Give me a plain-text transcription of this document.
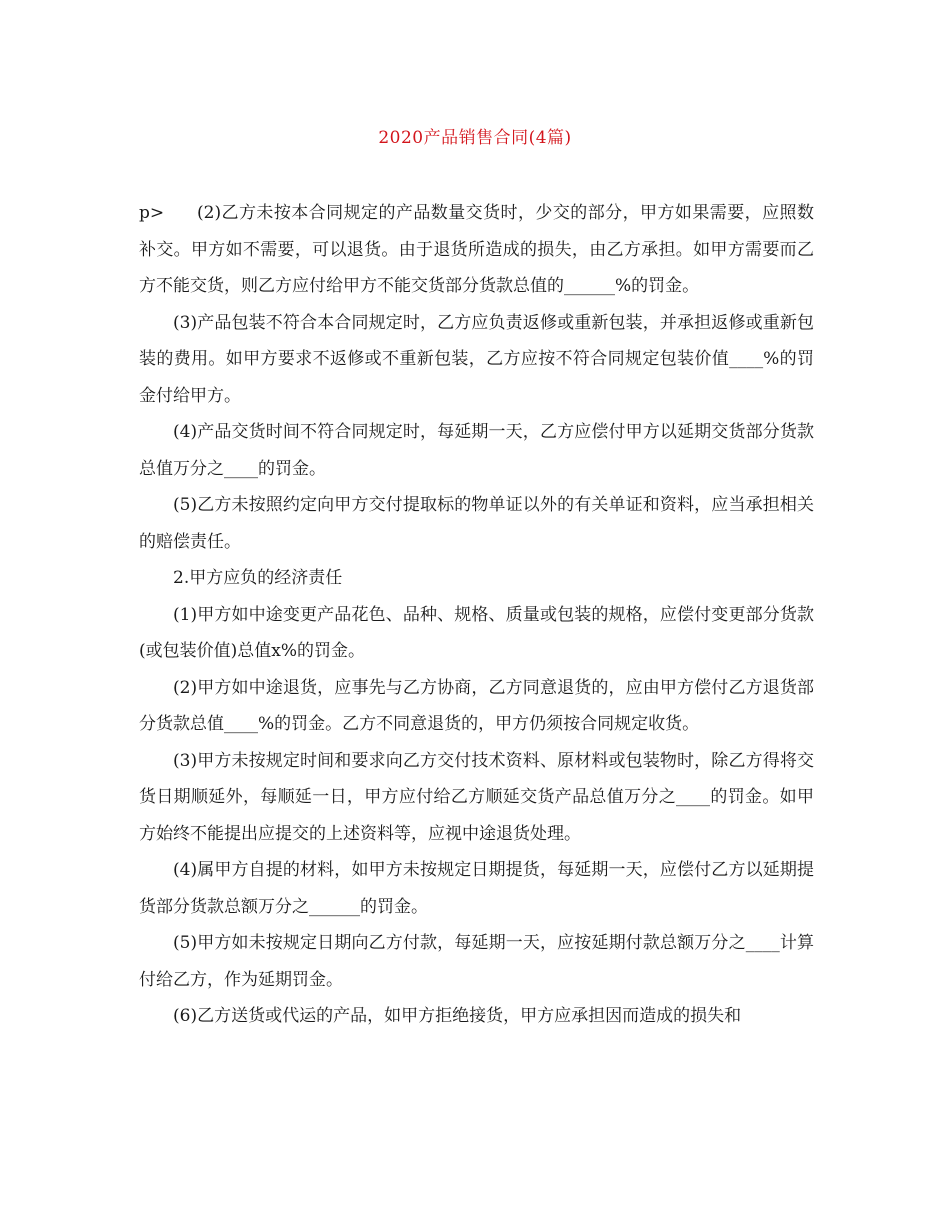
2020产品销售合同(4篇)

p> (2)乙方未按本合同规定的产品数量交货时，少交的部分，甲方如果需要，应照数补交。甲方如不需要，可以退货。由于退货所造成的损失，由乙方承担。如甲方需要而乙方不能交货，则乙方应付给甲方不能交货部分货款总值的______%的罚金。

(3)产品包装不符合本合同规定时，乙方应负责返修或重新包装，并承担返修或重新包装的费用。如甲方要求不返修或不重新包装，乙方应按不符合同规定包装价值____%的罚金付给甲方。

(4)产品交货时间不符合同规定时，每延期一天，乙方应偿付甲方以延期交货部分货款总值万分之____的罚金。

(5)乙方未按照约定向甲方交付提取标的物单证以外的有关单证和资料，应当承担相关的赔偿责任。

2.甲方应负的经济责任

(1)甲方如中途变更产品花色、品种、规格、质量或包装的规格，应偿付变更部分货款(或包装价值)总值x%的罚金。

(2)甲方如中途退货，应事先与乙方协商，乙方同意退货的，应由甲方偿付乙方退货部分货款总值____%的罚金。乙方不同意退货的，甲方仍须按合同规定收货。

(3)甲方未按规定时间和要求向乙方交付技术资料、原材料或包装物时，除乙方得将交货日期顺延外，每顺延一日，甲方应付给乙方顺延交货产品总值万分之____的罚金。如甲方始终不能提出应提交的上述资料等，应视中途退货处理。

(4)属甲方自提的材料，如甲方未按规定日期提货，每延期一天，应偿付乙方以延期提货部分货款总额万分之______的罚金。

(5)甲方如未按规定日期向乙方付款，每延期一天，应按延期付款总额万分之____计算付给乙方，作为延期罚金。

(6)乙方送货或代运的产品，如甲方拒绝接货，甲方应承担因而造成的损失和
